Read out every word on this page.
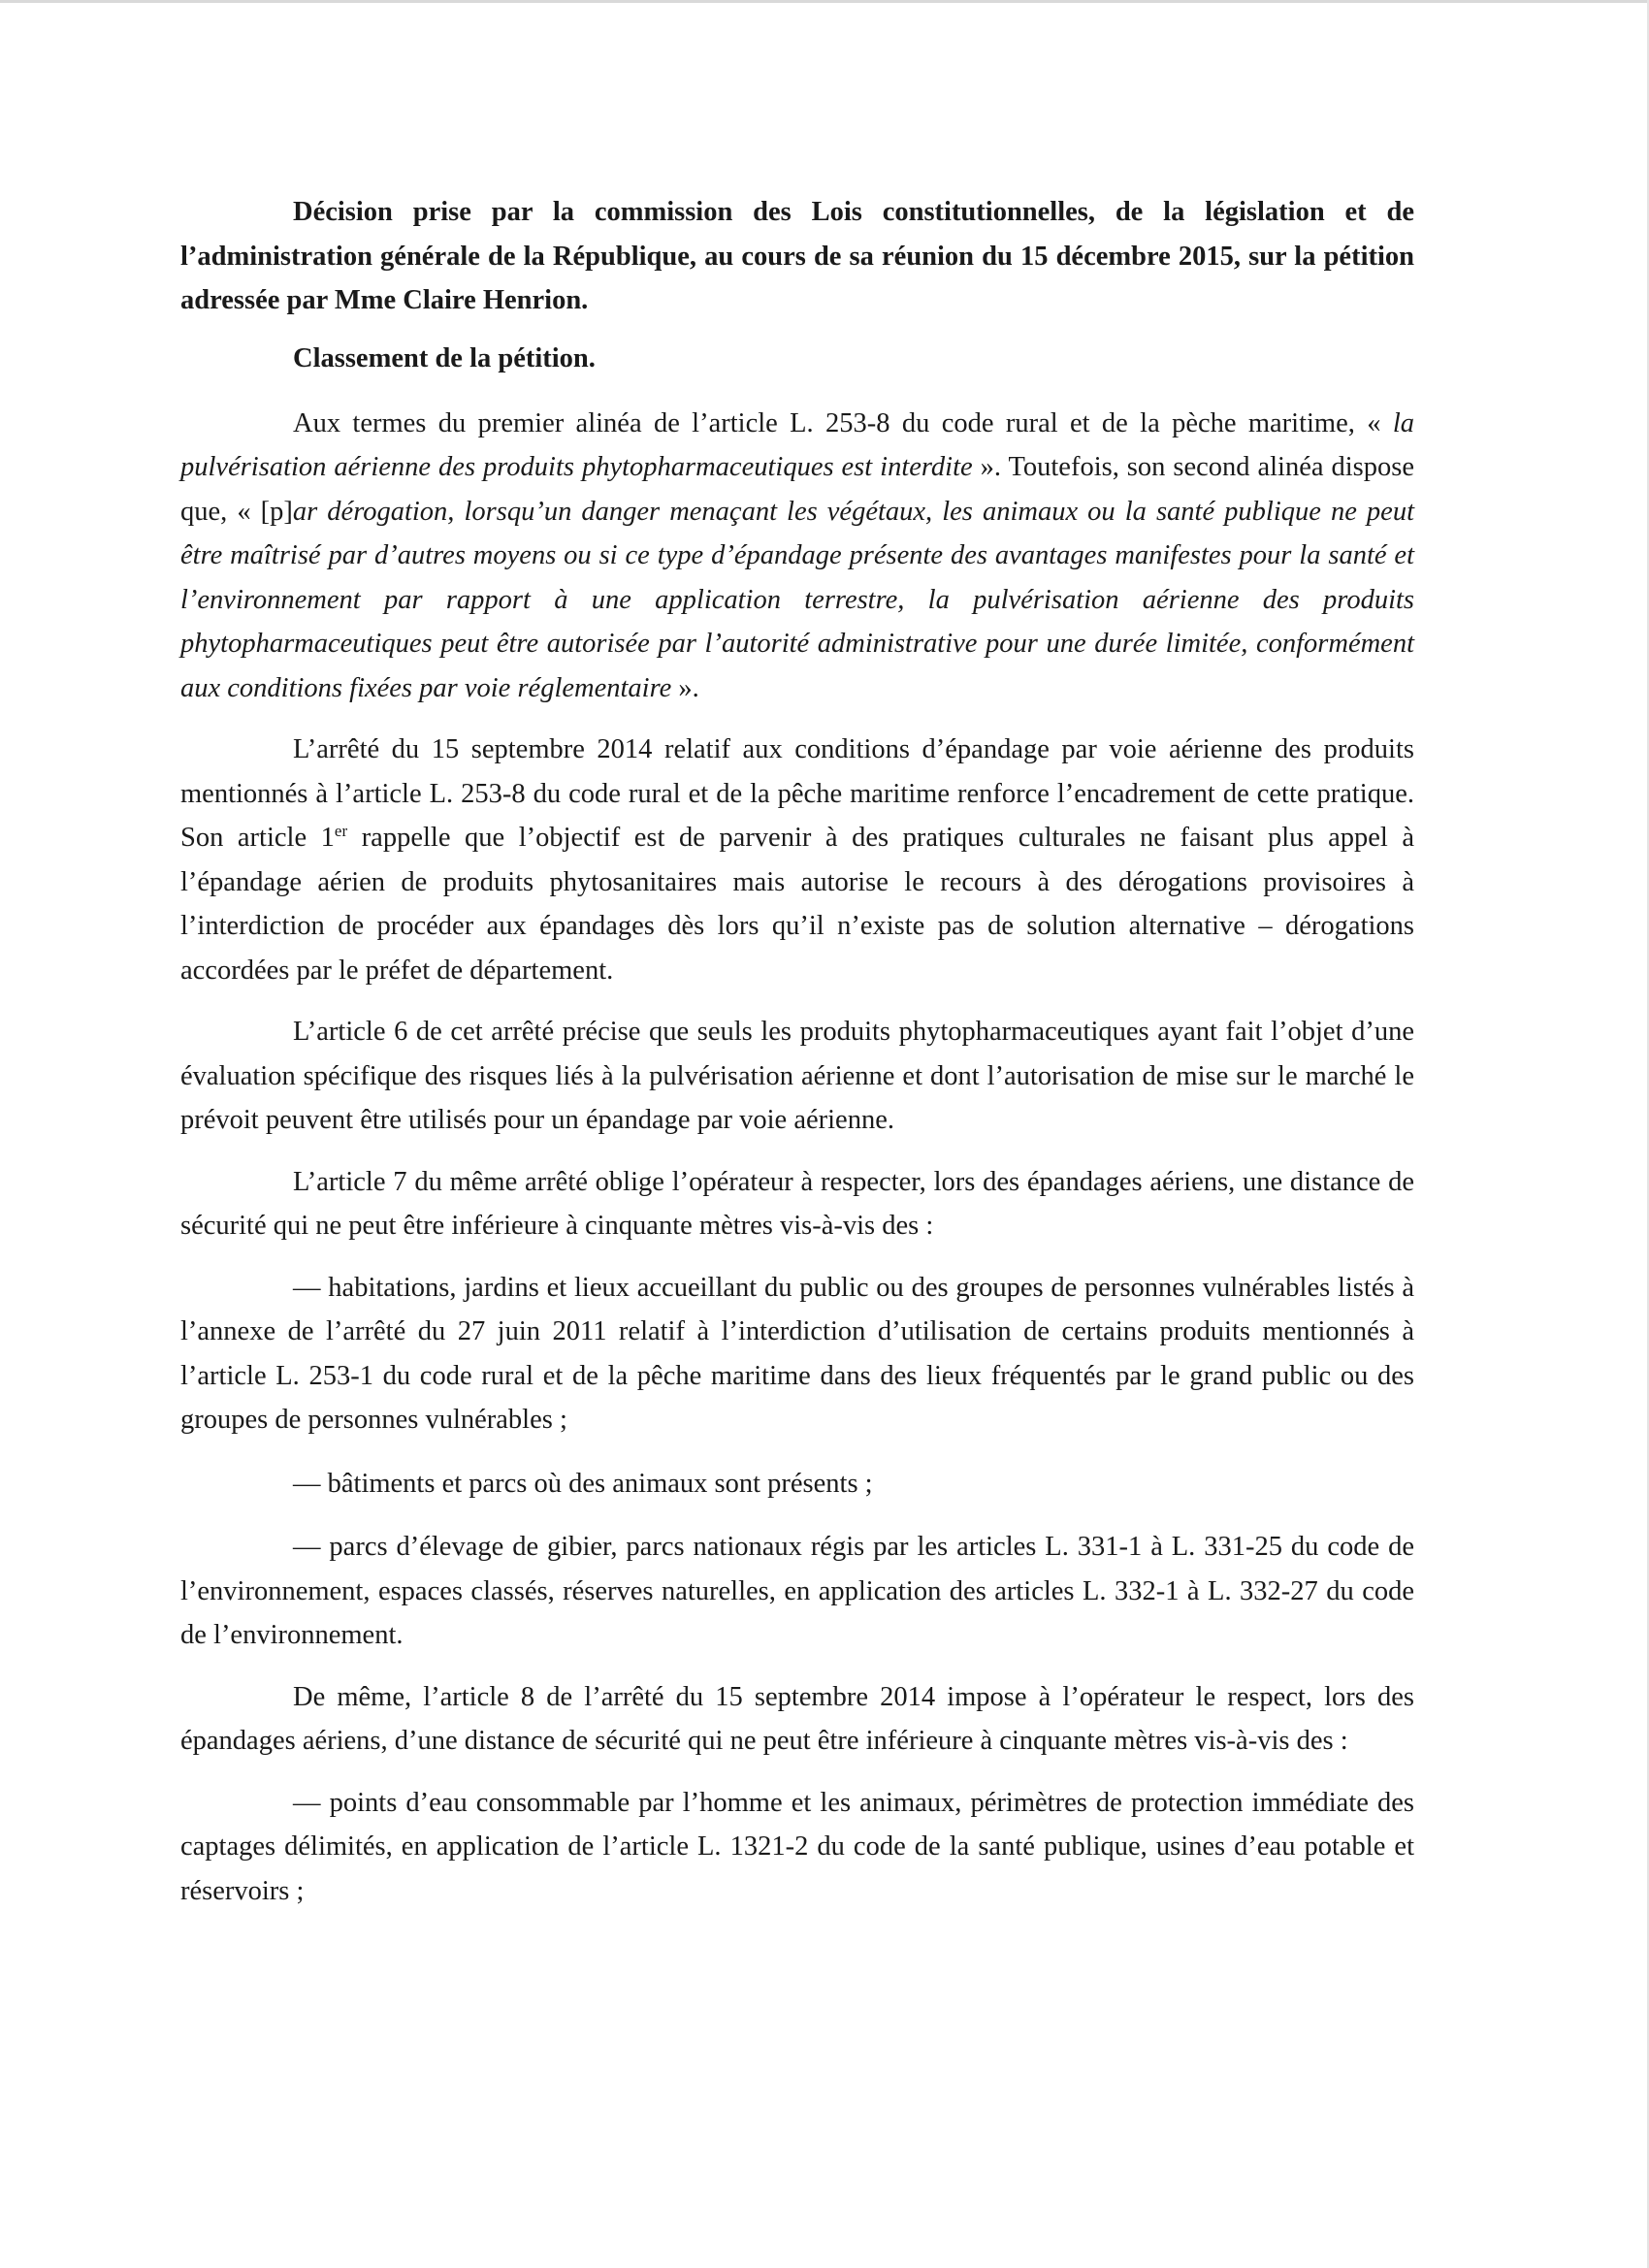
Décision prise par la commission des Lois constitutionnelles, de la législation et de l’administration générale de la République, au cours de sa réunion du 15 décembre 2015, sur la pétition adressée par Mme Claire Henrion.

Classement de la pétition.

Aux termes du premier alinéa de l’article L. 253-8 du code rural et de la pèche maritime, « la pulvérisation aérienne des produits phytopharmaceutiques est interdite ». Toutefois, son second alinéa dispose que, « [p]ar dérogation, lorsqu’un danger menaçant les végétaux, les animaux ou la santé publique ne peut être maîtrisé par d’autres moyens ou si ce type d’épandage présente des avantages manifestes pour la santé et l’environnement par rapport à une application terrestre, la pulvérisation aérienne des produits phytopharmaceutiques peut être autorisée par l’autorité administrative pour une durée limitée, conformément aux conditions fixées par voie réglementaire ».

L’arrêté du 15 septembre 2014 relatif aux conditions d’épandage par voie aérienne des produits mentionnés à l’article L. 253-8 du code rural et de la pêche maritime renforce l’encadrement de cette pratique. Son article 1er rappelle que l’objectif est de parvenir à des pratiques culturales ne faisant plus appel à l’épandage aérien de produits phytosanitaires mais autorise le recours à des dérogations provisoires à l’interdiction de procéder aux épandages dès lors qu’il n’existe pas de solution alternative – dérogations accordées par le préfet de département.

L’article 6 de cet arrêté précise que seuls les produits phytopharmaceutiques ayant fait l’objet d’une évaluation spécifique des risques liés à la pulvérisation aérienne et dont l’autorisation de mise sur le marché le prévoit peuvent être utilisés pour un épandage par voie aérienne.

L’article 7 du même arrêté oblige l’opérateur à respecter, lors des épandages aériens, une distance de sécurité qui ne peut être inférieure à cinquante mètres vis-à-vis des :

— habitations, jardins et lieux accueillant du public ou des groupes de personnes vulnérables listés à l’annexe de l’arrêté du 27 juin 2011 relatif à l’interdiction d’utilisation de certains produits mentionnés à l’article L. 253-1 du code rural et de la pêche maritime dans des lieux fréquentés par le grand public ou des groupes de personnes vulnérables ;

— bâtiments et parcs où des animaux sont présents ;

— parcs d’élevage de gibier, parcs nationaux régis par les articles L. 331-1 à L. 331-25 du code de l’environnement, espaces classés, réserves naturelles, en application des articles L. 332-1 à L. 332-27 du code de l’environnement.

De même, l’article 8 de l’arrêté du 15 septembre 2014 impose à l’opérateur le respect, lors des épandages aériens, d’une distance de sécurité qui ne peut être inférieure à cinquante mètres vis-à-vis des :

— points d’eau consommable par l’homme et les animaux, périmètres de protection immédiate des captages délimités, en application de l’article L. 1321-2 du code de la santé publique, usines d’eau potable et réservoirs ;
